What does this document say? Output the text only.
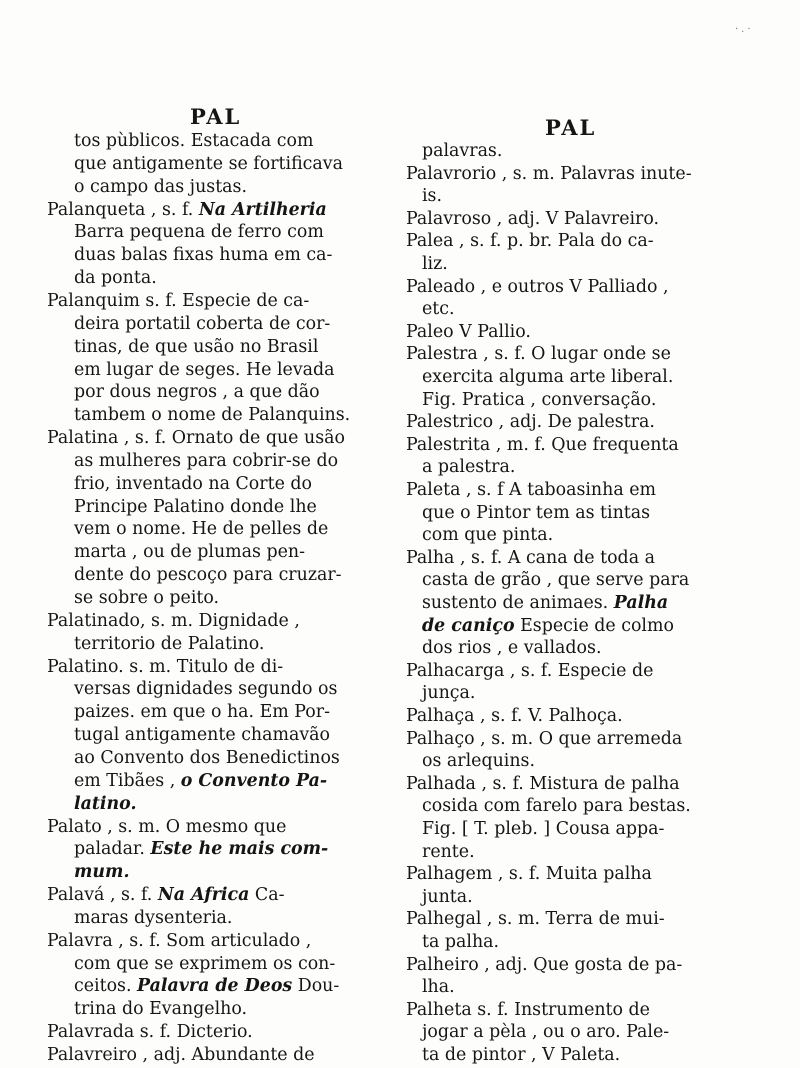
·.·
PAL
tos pùblicos. Estacada com
que antigamente se fortificava
o campo das justas.
Palanqueta , s. f. Na Artilheria
Barra pequena de ferro com
duas balas fixas huma em ca-
da ponta.
Palanquim s. f. Especie de ca-
deira portatil coberta de cor-
tinas, de que usão no Brasil
em lugar de seges. He levada
por dous negros , a que dão
tambem o nome de Palanquins.
Palatina , s. f. Ornato de que usão
as mulheres para cobrir-se do
frio, inventado na Corte do
Principe Palatino donde lhe
vem o nome. He de pelles de
marta , ou de plumas pen-
dente do pescoço para cruzar-
se sobre o peito.
Palatinado, s. m. Dignidade ,
territorio de Palatino.
Palatino. s. m. Titulo de di-
versas dignidades segundo os
paizes. em que o ha. Em Por-
tugal antigamente chamavão
ao Convento dos Benedictinos
em Tibães , o Convento Pa-
latino.
Palato , s. m. O mesmo que
paladar. Este he mais com-
mum.
Palavá , s. f. Na Africa Ca-
maras dysenteria.
Palavra , s. f. Som articulado ,
com que se exprimem os con-
ceitos. Palavra de Deos Dou-
trina do Evangelho.
Palavrada s. f. Dicterio.
Palavreiro , adj. Abundante de
PAL
palavras.
Palavrorio , s. m. Palavras inute-
is.
Palavroso , adj. V Palavreiro.
Palea , s. f. p. br. Pala do ca-
liz.
Paleado , e outros V Palliado ,
etc.
Paleo V Pallio.
Palestra , s. f. O lugar onde se
exercita alguma arte liberal.
Fig. Pratica , conversação.
Palestrico , adj. De palestra.
Palestrita , m. f. Que frequenta
a palestra.
Paleta , s. f A taboasinha em
que o Pintor tem as tintas
com que pinta.
Palha , s. f. A cana de toda a
casta de grão , que serve para
sustento de animaes. Palha
de caniço Especie de colmo
dos rios , e vallados.
Palhacarga , s. f. Especie de
junça.
Palhaça , s. f. V. Palhoça.
Palhaço , s. m. O que arremeda
os arlequins.
Palhada , s. f. Mistura de palha
cosida com farelo para bestas.
Fig. [ T. pleb. ] Cousa appa-
rente.
Palhagem , s. f. Muita palha
junta.
Palhegal , s. m. Terra de mui-
ta palha.
Palheiro , adj. Que gosta de pa-
lha.
Palheta s. f. Instrumento de
jogar a pèla , ou o aro. Pale-
ta de pintor , V Paleta.
